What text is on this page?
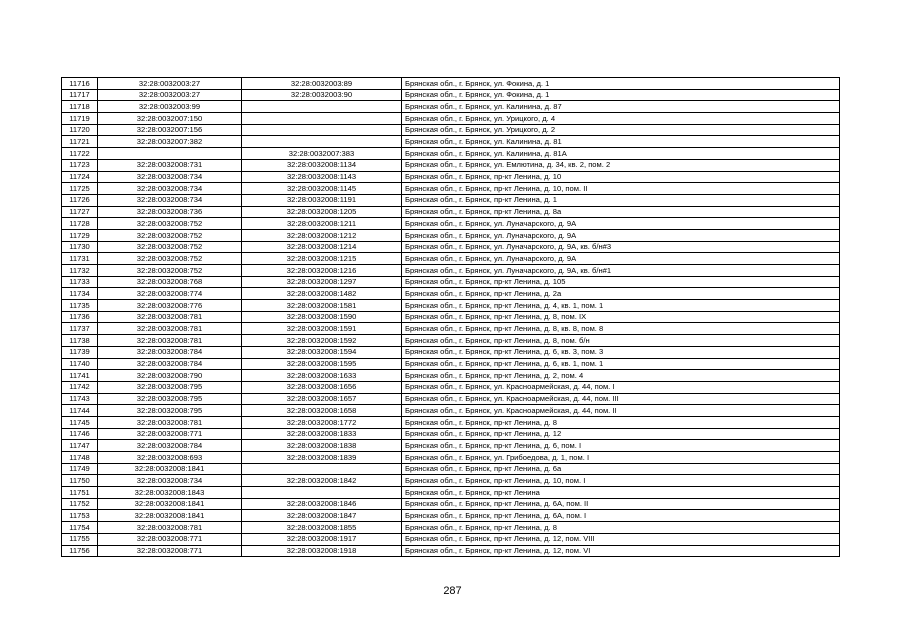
11716	32:28:0032003:27	32:28:0032003:89	Брянская обл., г. Брянск, ул. Фокина, д. 1
11717	32:28:0032003:27	32:28:0032003:90	Брянская обл., г. Брянск, ул. Фокина, д. 1
11718	32:28:0032003:99		Брянская обл., г. Брянск, ул. Калинина, д. 87
11719	32:28:0032007:150		Брянская обл., г. Брянск, ул. Урицкого, д. 4
11720	32:28:0032007:156		Брянская обл., г. Брянск, ул. Урицкого, д. 2
11721	32:28:0032007:382		Брянская обл., г. Брянск, ул. Калинина, д. 81
11722		32:28:0032007:383	Брянская обл., г. Брянск, ул. Калинина, д. 81А
11723	32:28:0032008:731	32:28:0032008:1134	Брянская обл., г. Брянск, ул. Емлютина, д. 34, кв. 2, пом. 2
11724	32:28:0032008:734	32:28:0032008:1143	Брянская обл., г. Брянск, пр-кт Ленина, д. 10
11725	32:28:0032008:734	32:28:0032008:1145	Брянская обл., г. Брянск, пр-кт Ленина, д. 10, пом. II
11726	32:28:0032008:734	32:28:0032008:1191	Брянская обл., г. Брянск, пр-кт Ленина, д. 1
11727	32:28:0032008:736	32:28:0032008:1205	Брянская обл., г. Брянск, пр-кт Ленина, д. 8а
11728	32:28:0032008:752	32:28:0032008:1211	Брянская обл., г. Брянск, ул. Луначарского, д. 9А
11729	32:28:0032008:752	32:28:0032008:1212	Брянская обл., г. Брянск, ул. Луначарского, д. 9А
11730	32:28:0032008:752	32:28:0032008:1214	Брянская обл., г. Брянск, ул. Луначарского, д. 9А, кв. б/н#3
11731	32:28:0032008:752	32:28:0032008:1215	Брянская обл., г. Брянск, ул. Луначарского, д. 9А
11732	32:28:0032008:752	32:28:0032008:1216	Брянская обл., г. Брянск, ул. Луначарского, д. 9А, кв. б/н#1
11733	32:28:0032008:768	32:28:0032008:1297	Брянская обл., г. Брянск, пр-кт Ленина, д. 105
11734	32:28:0032008:774	32:28:0032008:1482	Брянская обл., г. Брянск, пр-кт Ленина, д. 2а
11735	32:28:0032008:776	32:28:0032008:1581	Брянская обл., г. Брянск, пр-кт Ленина, д. 4, кв. 1, пом. 1
11736	32:28:0032008:781	32:28:0032008:1590	Брянская обл., г. Брянск, пр-кт Ленина, д. 8, пом. IX
11737	32:28:0032008:781	32:28:0032008:1591	Брянская обл., г. Брянск, пр-кт Ленина, д. 8, кв. 8, пом. 8
11738	32:28:0032008:781	32:28:0032008:1592	Брянская обл., г. Брянск, пр-кт Ленина, д. 8, пом. б/н
11739	32:28:0032008:784	32:28:0032008:1594	Брянская обл., г. Брянск, пр-кт Ленина, д. 6, кв. 3, пом. 3
11740	32:28:0032008:784	32:28:0032008:1595	Брянская обл., г. Брянск, пр-кт Ленина, д. 6, кв. 1, пом. 1
11741	32:28:0032008:790	32:28:0032008:1633	Брянская обл., г. Брянск, пр-кт Ленина, д. 2, пом. 4
11742	32:28:0032008:795	32:28:0032008:1656	Брянская обл., г. Брянск, ул. Красноармейская, д. 44, пом. I
11743	32:28:0032008:795	32:28:0032008:1657	Брянская обл., г. Брянск, ул. Красноармейская, д. 44, пом. III
11744	32:28:0032008:795	32:28:0032008:1658	Брянская обл., г. Брянск, ул. Красноармейская, д. 44, пом. II
11745	32:28:0032008:781	32:28:0032008:1772	Брянская обл., г. Брянск, пр-кт Ленина, д. 8
11746	32:28:0032008:771	32:28:0032008:1833	Брянская обл., г. Брянск, пр-кт Ленина, д. 12
11747	32:28:0032008:784	32:28:0032008:1838	Брянская обл., г. Брянск, пр-кт Ленина, д. 6, пом. I
11748	32:28:0032008:693	32:28:0032008:1839	Брянская обл., г. Брянск, ул. Грибоедова, д. 1, пом. I
11749	32:28:0032008:1841		Брянская обл., г. Брянск, пр-кт Ленина, д. 6а
11750	32:28:0032008:734	32:28:0032008:1842	Брянская обл., г. Брянск, пр-кт Ленина, д. 10, пом. I
11751	32:28:0032008:1843		Брянская обл., г. Брянск, пр-кт Ленина
11752	32:28:0032008:1841	32:28:0032008:1846	Брянская обл., г. Брянск, пр-кт Ленина, д. 6А, пом. II
11753	32:28:0032008:1841	32:28:0032008:1847	Брянская обл., г. Брянск, пр-кт Ленина, д. 6А, пом. I
11754	32:28:0032008:781	32:28:0032008:1855	Брянская обл., г. Брянск, пр-кт Ленина, д. 8
11755	32:28:0032008:771	32:28:0032008:1917	Брянская обл., г. Брянск, пр-кт Ленина, д. 12, пом. VIII
11756	32:28:0032008:771	32:28:0032008:1918	Брянская обл., г. Брянск, пр-кт Ленина, д. 12, пом. VI
287
